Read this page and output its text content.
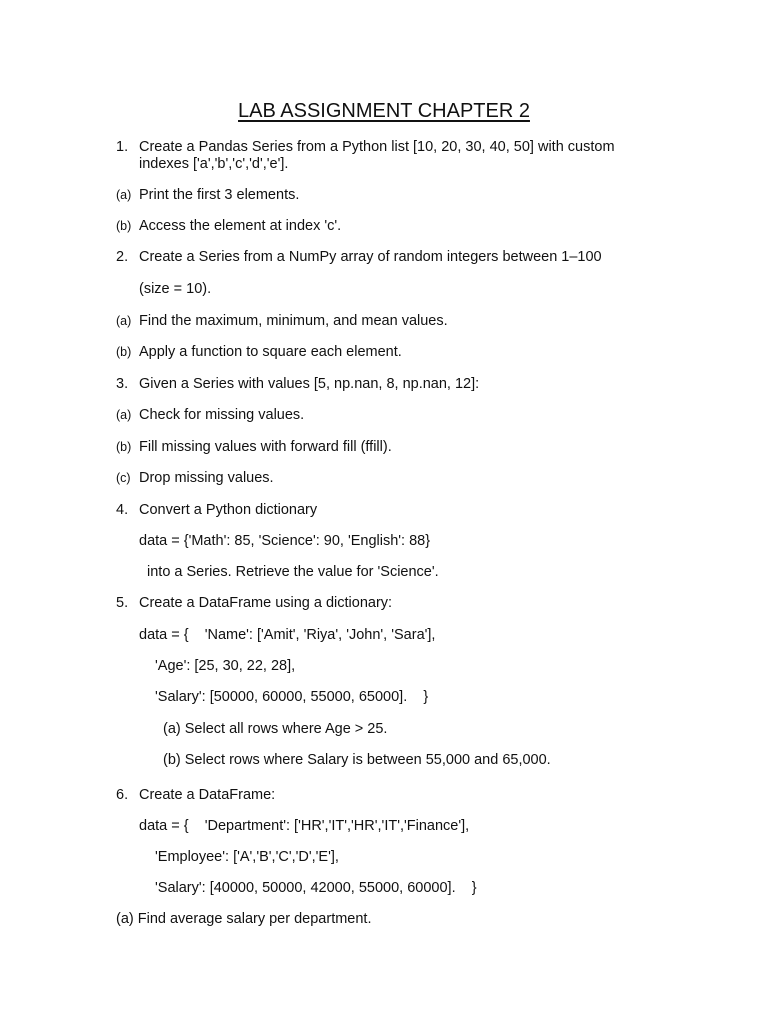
LAB ASSIGNMENT CHAPTER 2
1. Create a Pandas Series from a Python list [10, 20, 30, 40, 50] with custom
indexes ['a','b','c','d','e'].
(a) Print the first 3 elements.
(b) Access the element at index 'c'.
2. Create a Series from a NumPy array of random integers between 1–100
(size = 10).
(a) Find the maximum, minimum, and mean values.
(b) Apply a function to square each element.
3. Given a Series with values [5, np.nan, 8, np.nan, 12]:
(a) Check for missing values.
(b) Fill missing values with forward fill (ffill).
(c) Drop missing values.
4. Convert a Python dictionary
data = {'Math': 85, 'Science': 90, 'English': 88}
into a Series. Retrieve the value for 'Science'.
5. Create a DataFrame using a dictionary:
data = {    'Name': ['Amit', 'Riya', 'John', 'Sara'],
'Age': [25, 30, 22, 28],
'Salary': [50000, 60000, 55000, 65000].    }
(a) Select all rows where Age > 25.
(b) Select rows where Salary is between 55,000 and 65,000.
6. Create a DataFrame:
data = {    'Department': ['HR','IT','HR','IT','Finance'],
'Employee': ['A','B','C','D','E'],
'Salary': [40000, 50000, 42000, 55000, 60000].    }
(a) Find average salary per department.
